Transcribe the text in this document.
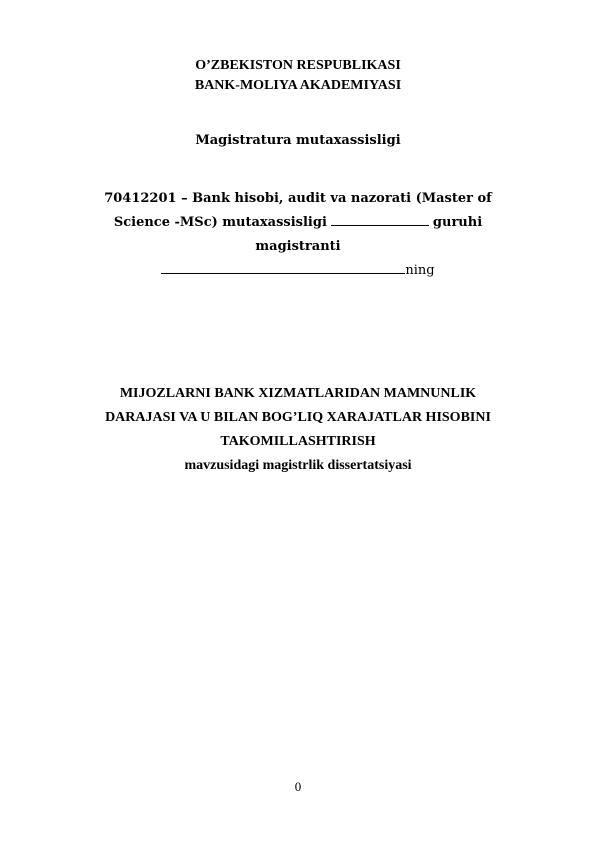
O’ZBEKISTON RESPUBLIKASI
BANK-MOLIYA AKADEMIYASI
Magistratura mutaxassisligi
70412201 – Bank hisobi, audit va nazorati (Master of
Science -MSc) mutaxassisligi	guruhi
magistranti
ning
MIJOZLARNI BANK XIZMATLARIDAN MAMNUNLIK
DARAJASI VA U BILAN BOG’LIQ XARAJATLAR HISOBINI
TAKOMILLASHTIRISH
mavzusidagi magistrlik dissertatsiyasi
0
